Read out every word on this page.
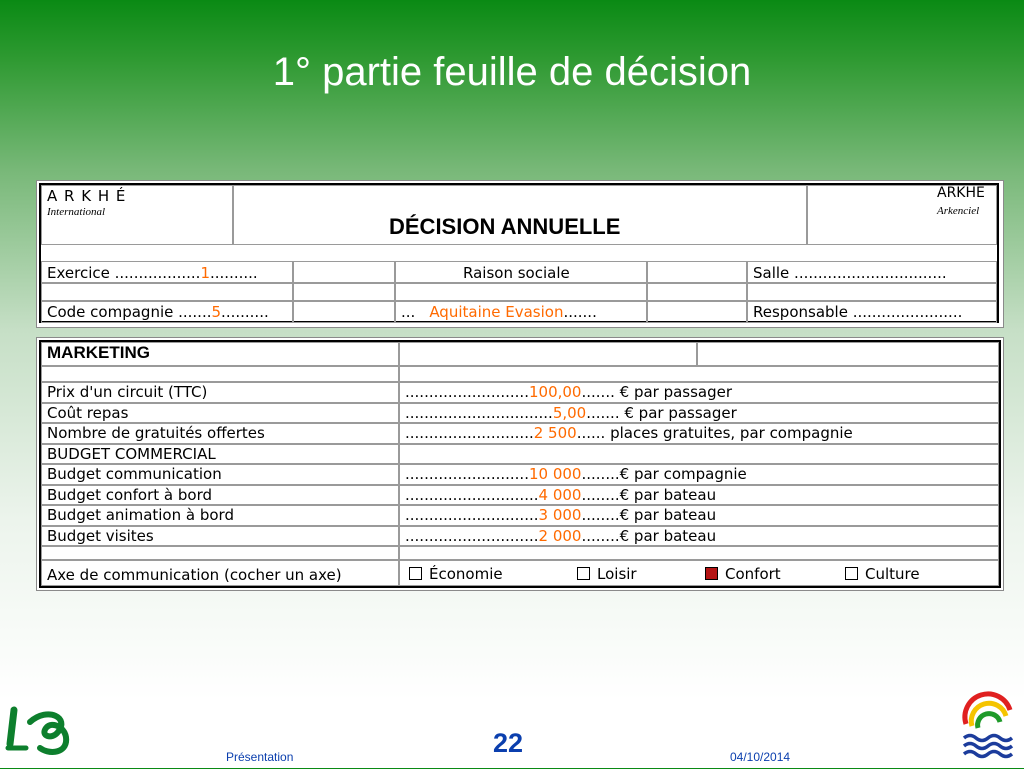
1° partie feuille de décision
A R K H É
International
DÉCISION ANNUELLE
ARKHE
Arkenciel
Exercice ..................1..........	Raison sociale	Salle ................................
Code compagnie .......5..........	... Aquitaine Evasion.......	Responsable .......................
MARKETING
Prix d'un circuit (TTC)	..........................100,00....... € par passager
Coût repas	...............................5,00....... € par passager
Nombre de gratuités offertes	...........................2 500...... places gratuites, par compagnie
BUDGET COMMERCIAL
Budget communication	..........................10 000........€ par compagnie
Budget confort à bord	............................4 000........€ par bateau
Budget animation à bord	............................3 000........€ par bateau
Budget visites	............................2 000........€ par bateau
Axe de communication (cocher un axe)	Économie	Loisir	Confort	Culture
Présentation	22	04/10/2014
